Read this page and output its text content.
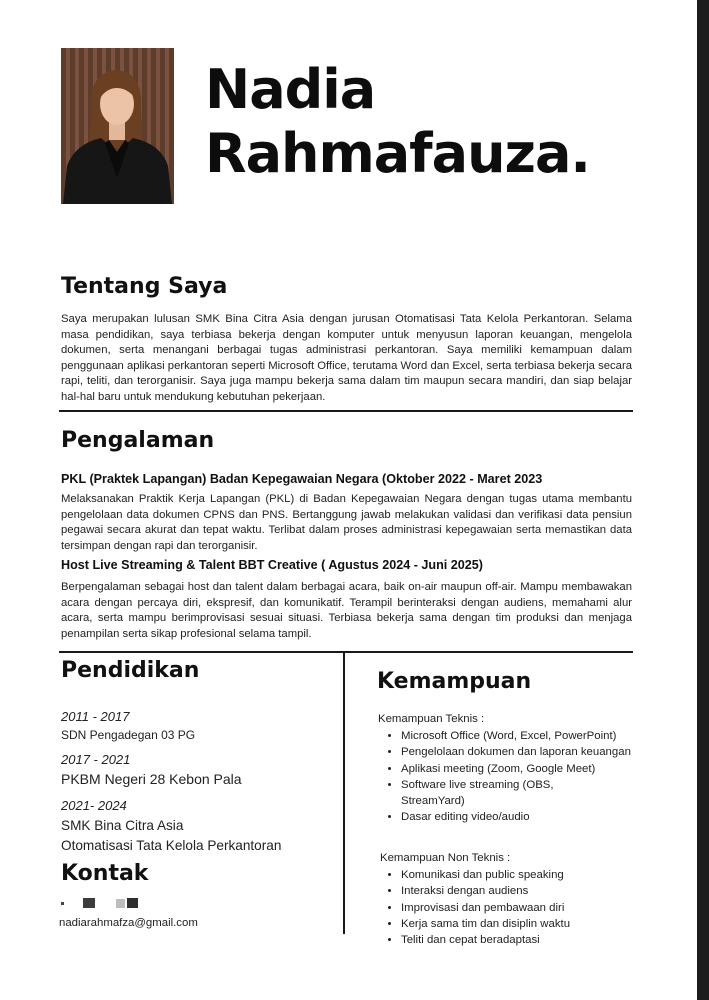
Nadia
Rahmafauza.
Tentang Saya

Saya merupakan lulusan SMK Bina Citra Asia dengan jurusan Otomatisasi Tata Kelola Perkantoran. Selama masa pendidikan, saya terbiasa bekerja dengan komputer untuk menyusun laporan keuangan, mengelola dokumen, serta menangani berbagai tugas administrasi perkantoran. Saya memiliki kemampuan dalam penggunaan aplikasi perkantoran seperti Microsoft Office, terutama Word dan Excel, serta terbiasa bekerja secara rapi, teliti, dan terorganisir. Saya juga mampu bekerja sama dalam tim maupun secara mandiri, dan siap belajar hal-hal baru untuk mendukung kebutuhan pekerjaan.

Pengalaman

PKL (Praktek Lapangan) Badan Kepegawaian Negara (Oktober 2022 - Maret 2023

Melaksanakan Praktik Kerja Lapangan (PKL) di Badan Kepegawaian Negara dengan tugas utama membantu pengelolaan data dokumen CPNS dan PNS. Bertanggung jawab melakukan validasi dan verifikasi data pensiun pegawai secara akurat dan tepat waktu. Terlibat dalam proses administrasi kepegawaian serta memastikan data tersimpan dengan rapi dan terorganisir.

Host Live Streaming & Talent BBT Creative ( Agustus 2024 - Juni 2025)

Berpengalaman sebagai host dan talent dalam berbagai acara, baik on-air maupun off-air. Mampu membawakan acara dengan percaya diri, ekspresif, dan komunikatif. Terampil berinteraksi dengan audiens, memahami alur acara, serta mampu berimprovisasi sesuai situasi. Terbiasa bekerja sama dengan tim produksi dan menjaga penampilan serta sikap profesional selama tampil.

Pendidikan

2011 - 2017

SDN Pengadegan 03 PG

2017 - 2021

PKBM Negeri 28 Kebon Pala

2021- 2024

SMK Bina Citra Asia

Otomatisasi Tata Kelola Perkantoran

Kontak

nadiarahmafza@gmail.com

Kemampuan

Kemampuan Teknis :

• Microsoft Office (Word, Excel, PowerPoint)
• Pengelolaan dokumen dan laporan keuangan
• Aplikasi meeting (Zoom, Google Meet)
• Software live streaming (OBS, StreamYard)
• Dasar editing video/audio

Kemampuan Non Teknis :

• Komunikasi dan public speaking
• Interaksi dengan audiens
• Improvisasi dan pembawaan diri
• Kerja sama tim dan disiplin waktu
• Teliti dan cepat beradaptasi
